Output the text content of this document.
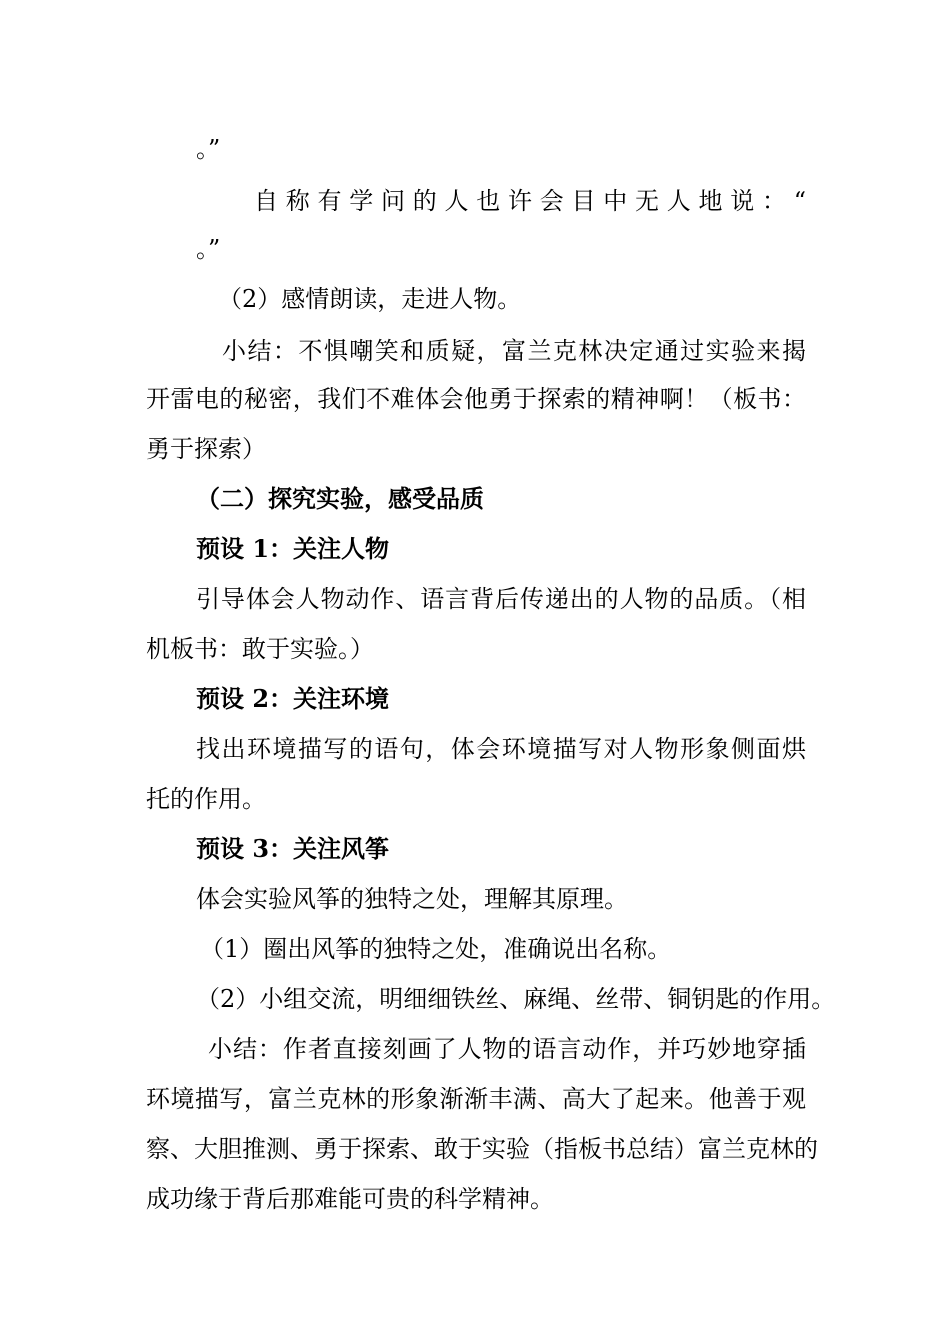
。”
自称有学问的人也许会目中无人地说：“
。”
（2）感情朗读，走进人物。
小结：不惧嘲笑和质疑，富兰克林决定通过实验来揭
开雷电的秘密，我们不难体会他勇于探索的精神啊！（板书：
勇于探索）
（二）探究实验，感受品质
预设 1：关注人物
引导体会人物动作、语言背后传递出的人物的品质。（相
机板书：敢于实验。）
预设 2：关注环境
找出环境描写的语句，体会环境描写对人物形象侧面烘
托的作用。
预设 3：关注风筝
体会实验风筝的独特之处，理解其原理。
（1）圈出风筝的独特之处，准确说出名称。
（2）小组交流，明细细铁丝、麻绳、丝带、铜钥匙的作用。
小结：作者直接刻画了人物的语言动作，并巧妙地穿插
环境描写，富兰克林的形象渐渐丰满、高大了起来。他善于观
察、大胆推测、勇于探索、敢于实验（指板书总结）富兰克林的
成功缘于背后那难能可贵的科学精神。
